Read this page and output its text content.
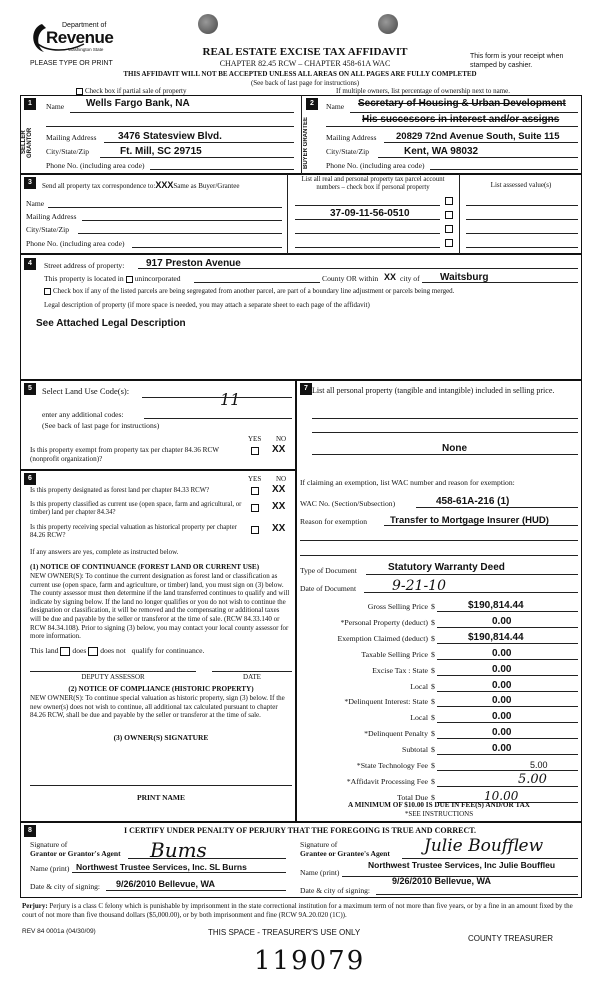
Department of
Revenue
Washington State
PLEASE TYPE OR PRINT
REAL ESTATE EXCISE TAX AFFIDAVIT
CHAPTER 82.45 RCW – CHAPTER 458-61A WAC
This form is your receipt when stamped by cashier.
THIS AFFIDAVIT WILL NOT BE ACCEPTED UNLESS ALL AREAS ON ALL PAGES ARE FULLY COMPLETED
(See back of last page for instructions)
Check box if partial sale of property	If multiple owners, list percentage of ownership next to name.
1
SELLER GRANTOR
Name Wells Fargo Bank, NA
Mailing Address 3476 Statesview Blvd.
City/State/Zip	Ft. Mill, SC 29715
Phone No. (including area code)
2
BUYER GRANTEE
Name Secretary of Housing & Urban Development
His successors in interest and/or assigns
Mailing Address 20829 72nd Avenue South, Suite 115
City/State/Zip	Kent, WA 98032
Phone No. (including area code)
3	Send all property tax correspondence to:XXXSame as Buyer/Grantee
Name
Mailing Address
City/State/Zip
Phone No. (including area code)
List all real and personal property tax parcel account numbers – check box if personal property
37-09-11-56-0510
List assessed value(s)
4	Street address of property: 917 Preston Avenue
This property is located in unincorporated	County OR within XX city of Waitsburg
Check box if any of the listed parcels are being segregated from another parcel, are part of a boundary line adjustment or parcels being merged.
Legal description of property (if more space is needed, you may attach a separate sheet to each page of the affidavit)
See Attached Legal Description
5	Select Land Use Code(s):	11
enter any additional codes:
(See back of last page for instructions)
YES NO
Is this property exempt from property tax per chapter 84.36 RCW (nonprofit organization)?
XX
6	YES NO
Is this property designated as forest land per chapter 84.33 RCW?	XX
Is this property classified as current use (open space, farm and agricultural, or timber) land per chapter 84.34?
XX
Is this property receiving special valuation as historical property per chapter 84.26 RCW?
XX
If any answers are yes, complete as instructed below.
(1) NOTICE OF CONTINUANCE (FOREST LAND OR CURRENT USE)
NEW OWNER(S): To continue the current designation as forest land or classification as current use (open space, farm and agriculture, or timber) land, you must sign on (3) below. The county assessor must then determine if the land transferred continues to qualify and will indicate by signing below. If the land no longer qualifies or you do not wish to continue the designation or classification, it will be removed and the compensating or additional taxes will be due and payable by the seller or transferor at the time of sale. (RCW 84.33.140 or RCW 84.34.108). Prior to signing (3) below, you may contact your local county assessor for more information.
This land does does not qualify for continuance.
DEPUTY ASSESSOR	DATE
(2) NOTICE OF COMPLIANCE (HISTORIC PROPERTY)
NEW OWNER(S): To continue special valuation as historic property, sign (3) below. If the new owner(s) does not wish to continue, all additional tax calculated pursuant to chapter 84.26 RCW, shall be due and payable by the seller or transferor at the time of sale.
(3) OWNER(S) SIGNATURE
PRINT NAME
7 List all personal property (tangible and intangible) included in selling price.
None
If claiming an exemption, list WAC number and reason for exemption:
WAC No. (Section/Subsection)	458-61A-216 (1)
Reason for exemption Transfer to Mortgage Insurer (HUD)
Type of Document	Statutory Warranty Deed
Date of Document	9-21-10
Gross Selling Price $	$190,814.44
*Personal Property (deduct) $	0.00
Exemption Claimed (deduct) $	$190,814.44
Taxable Selling Price $	0.00
Excise Tax : State $	0.00
Local $	0.00
*Delinquent Interest: State $	0.00
Local $	0.00
*Delinquent Penalty $	0.00
Subtotal $	0.00
*State Technology Fee $	5.00
*Affidavit Processing Fee $	5.00
Total Due $	10.00
A MINIMUM OF $10.00 IS DUE IN FEE(S) AND/OR TAX
*SEE INSTRUCTIONS
8	I CERTIFY UNDER PENALTY OF PERJURY THAT THE FOREGOING IS TRUE AND CORRECT.
Signature of
Grantor or Grantor's Agent Bums
Name (print) Northwest Trustee Services, Inc. SL Burns
Date & city of signing: 9/26/2010 Bellevue, WA
Signature of
Grantee or Grantee's Agent Julie Boufflew
Name (print)
Northwest Trustee Services, Inc Julie Bouffleu
Date & city of signing:
9/26/2010 Bellevue, WA
Perjury: Perjury is a class C felony which is punishable by imprisonment in the state correctional institution for a maximum term of not more than five years, or by a fine in an amount fixed by the court of not more than five thousand dollars ($5,000.00), or by both imprisonment and fine (RCW 9A.20.020 (1C)).
REV 84 0001a (04/30/09)	THIS SPACE - TREASURER'S USE ONLY
COUNTY TREASURER
119079
